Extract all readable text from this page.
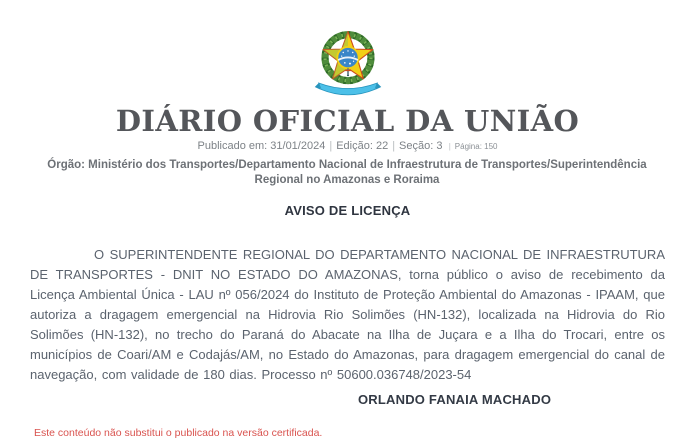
DIÁRIO OFICIAL DA UNIÃO
Publicado em: 31/01/2024 | Edição: 22 | Seção: 3 | Página: 150
Órgão: Ministério dos Transportes/Departamento Nacional de Infraestrutura de Transportes/Superintendência Regional no Amazonas e Roraima
AVISO DE LICENÇA

O SUPERINTENDENTE REGIONAL DO DEPARTAMENTO NACIONAL DE INFRAESTRUTURA DE TRANSPORTES - DNIT NO ESTADO DO AMAZONAS, torna público o aviso de recebimento da Licença Ambiental Única - LAU nº 056/2024 do Instituto de Proteção Ambiental do Amazonas - IPAAM, que autoriza a dragagem emergencial na Hidrovia Rio Solimões (HN-132), localizada na Hidrovia do Rio Solimões (HN-132), no trecho do Paraná do Abacate na Ilha de Juçara e a Ilha do Trocari, entre os municípios de Coari/AM e Codajás/AM, no Estado do Amazonas, para dragagem emergencial do canal de navegação, com validade de 180 dias. Processo nº 50600.036748/2023-54

ORLANDO FANAIA MACHADO
Este conteúdo não substitui o publicado na versão certificada.
